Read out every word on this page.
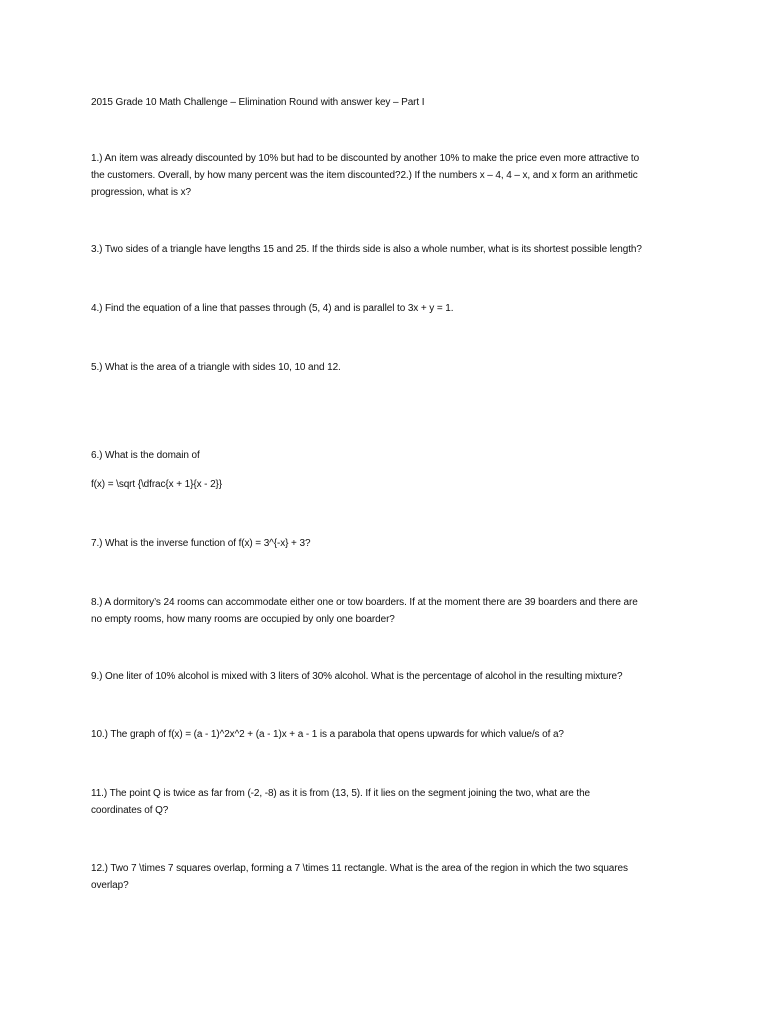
2015 Grade 10 Math Challenge – Elimination Round with answer key – Part I
1.) An item was already discounted by 10% but had to be discounted by another 10% to make the price even more attractive to
the customers. Overall, by how many percent was the item discounted?2.) If the numbers x – 4, 4 – x, and x form an arithmetic
progression, what is x?
3.) Two sides of a triangle have lengths 15 and 25. If the thirds side is also a whole number, what is its shortest possible length?
4.) Find the equation of a line that passes through (5, 4) and is parallel to 3x + y = 1.
5.) What is the area of a triangle with sides 10, 10 and 12.
6.) What is the domain of
f(x) = \sqrt {\dfrac{x + 1}{x - 2}}
7.) What is the inverse function of f(x) = 3^{-x} + 3?
8.) A dormitory’s 24 rooms can accommodate either one or tow boarders. If at the moment there are 39 boarders and there are
no empty rooms, how many rooms are occupied by only one boarder?
9.) One liter of 10% alcohol is mixed with 3 liters of 30% alcohol. What is the percentage of alcohol in the resulting mixture?
10.) The graph of f(x) = (a - 1)^2x^2 + (a - 1)x + a - 1 is a parabola that opens upwards for which value/s of a?
11.) The point Q is twice as far from (-2, -8) as it is from (13, 5). If it lies on the segment joining the two, what are the
coordinates of Q?
12.) Two 7 \times 7 squares overlap, forming a 7 \times 11 rectangle. What is the area of the region in which the two squares
overlap?
